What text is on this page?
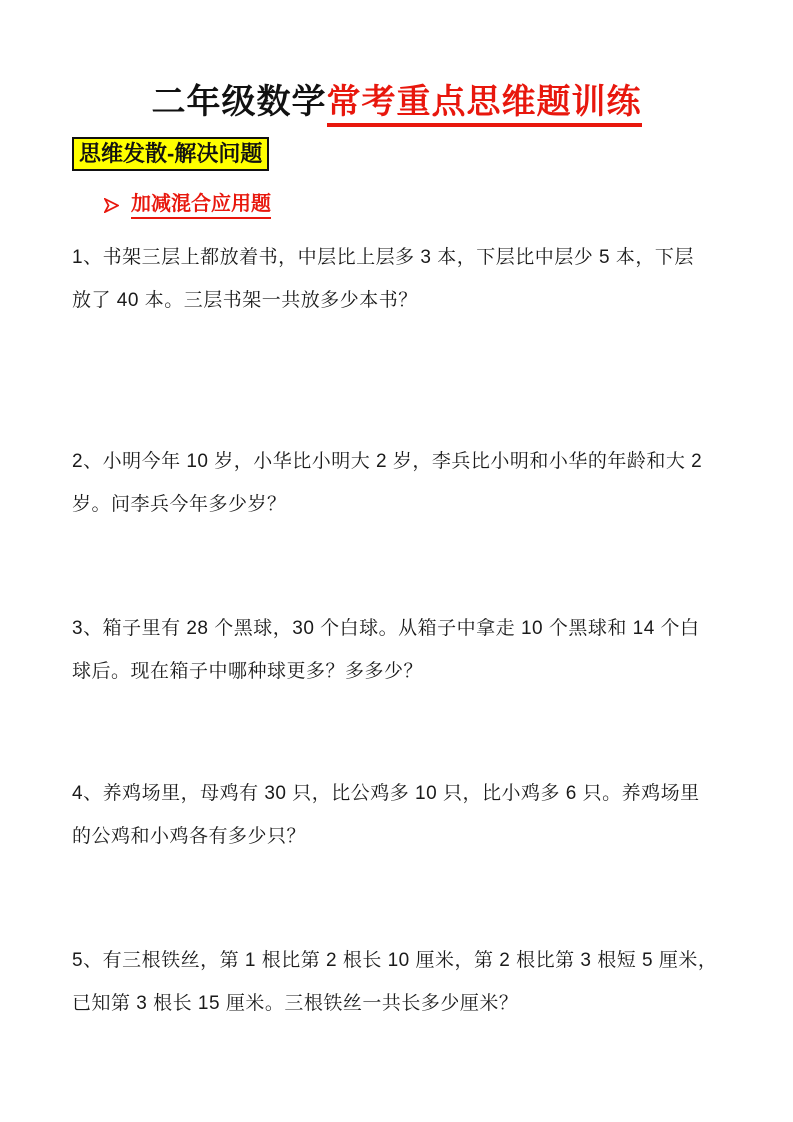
二年级数学常考重点思维题训练
思维发散-解决问题
加减混合应用题
1、书架三层上都放着书，中层比上层多 3 本，下层比中层少 5 本，下层
放了 40 本。三层书架一共放多少本书？
2、小明今年 10 岁，小华比小明大 2 岁，李兵比小明和小华的年龄和大 2
岁。问李兵今年多少岁？
3、箱子里有 28 个黑球，30 个白球。从箱子中拿走 10 个黑球和 14 个白
球后。现在箱子中哪种球更多？多多少？
4、养鸡场里，母鸡有 30 只，比公鸡多 10 只，比小鸡多 6 只。养鸡场里
的公鸡和小鸡各有多少只？
5、有三根铁丝，第 1 根比第 2 根长 10 厘米，第 2 根比第 3 根短 5 厘米，
已知第 3 根长 15 厘米。三根铁丝一共长多少厘米？
